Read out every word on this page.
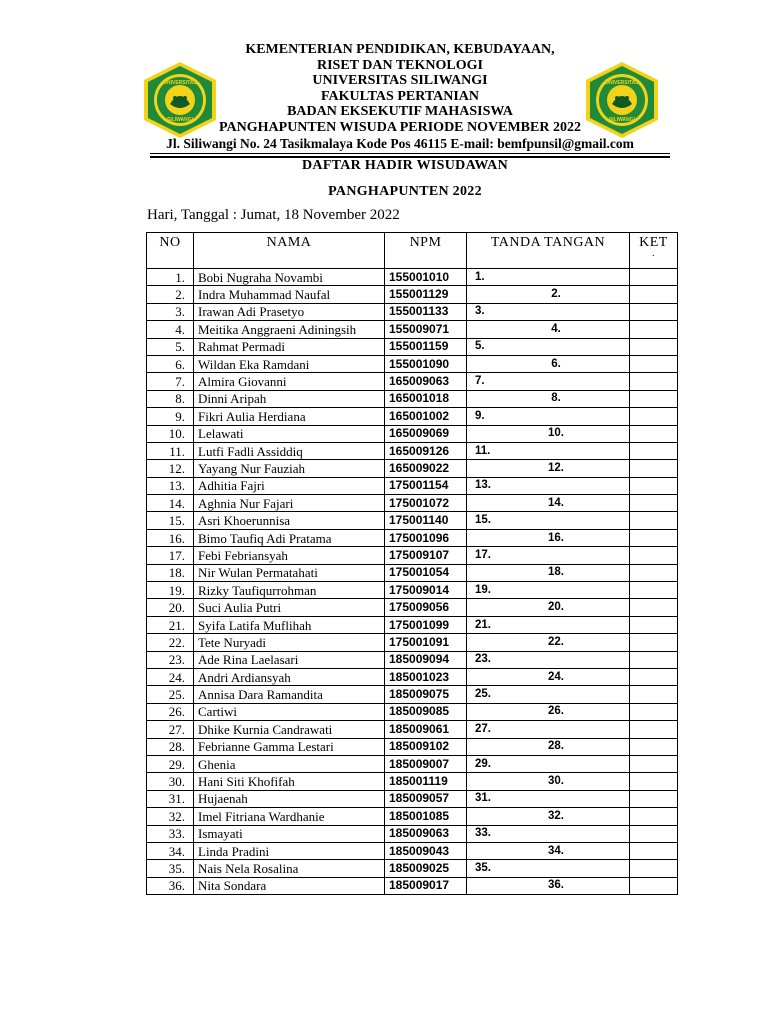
UNIVERSITAS
SILIWANGI
UNIVERSITAS
SILIWANGI
KEMENTERIAN PENDIDIKAN, KEBUDAYAAN,
RISET DAN TEKNOLOGI
UNIVERSITAS SILIWANGI
FAKULTAS PERTANIAN
BADAN EKSEKUTIF MAHASISWA
PANGHAPUNTEN WISUDA PERIODE NOVEMBER 2022
Jl. Siliwangi No. 24 Tasikmalaya Kode Pos 46115 E-mail: bemfpunsil@gmail.com
DAFTAR HADIR WISUDAWAN
PANGHAPUNTEN 2022
Hari, Tanggal : Jumat, 18 November 2022
NO	NAMA	NPM	TANDA TANGAN	KET
.

1.	Bobi Nugraha Novambi	155001010	1.	
2.	Indra Muhammad Naufal	155001129	2.	
3.	Irawan Adi Prasetyo	155001133	3.	
4.	Meitika Anggraeni Adiningsih	155009071	4.	
5.	Rahmat Permadi	155001159	5.	
6.	Wildan Eka Ramdani	155001090	6.	
7.	Almira Giovanni	165009063	7.	
8.	Dinni Aripah	165001018	8.	
9.	Fikri Aulia Herdiana	165001002	9.	
10.	Lelawati	165009069	10.	
11.	Lutfi Fadli Assiddiq	165009126	11.	
12.	Yayang Nur Fauziah	165009022	12.	
13.	Adhitia Fajri	175001154	13.	
14.	Aghnia Nur Fajari	175001072	14.	
15.	Asri Khoerunnisa	175001140	15.	
16.	Bimo Taufiq Adi Pratama	175001096	16.	
17.	Febi Febriansyah	175009107	17.	
18.	Nir Wulan Permatahati	175001054	18.	
19.	Rizky Taufiqurrohman	175009014	19.	
20.	Suci Aulia Putri	175009056	20.	
21.	Syifa Latifa Muflihah	175001099	21.	
22.	Tete Nuryadi	175001091	22.	
23.	Ade Rina Laelasari	185009094	23.	
24.	Andri Ardiansyah	185001023	24.	
25.	Annisa Dara Ramandita	185009075	25.	
26.	Cartiwi	185009085	26.	
27.	Dhike Kurnia Candrawati	185009061	27.	
28.	Febrianne Gamma Lestari	185009102	28.	
29.	Ghenia	185009007	29.	
30.	Hani Siti Khofifah	185001119	30.	
31.	Hujaenah	185009057	31.	
32.	Imel Fitriana Wardhanie	185001085	32.	
33.	Ismayati	185009063	33.	
34.	Linda Pradini	185009043	34.	
35.	Nais Nela Rosalina	185009025	35.	
36.	Nita Sondara	185009017	36.	
